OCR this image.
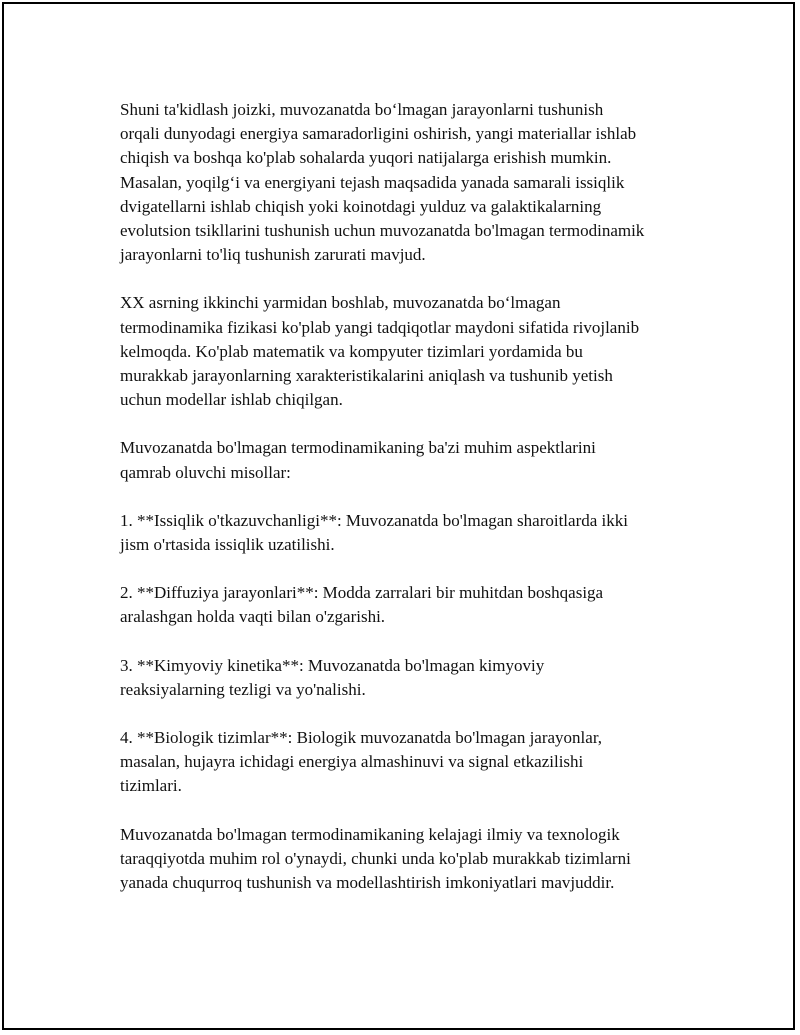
Shuni ta'kidlash joizki, muvozanatda bo‘lmagan jarayonlarni tushunish
orqali dunyodagi energiya samaradorligini oshirish, yangi materiallar ishlab
chiqish va boshqa ko'plab sohalarda yuqori natijalarga erishish mumkin.
Masalan, yoqilg‘i va energiyani tejash maqsadida yanada samarali issiqlik
dvigatellarni ishlab chiqish yoki koinotdagi yulduz va galaktikalarning
evolutsion tsikllarini tushunish uchun muvozanatda bo'lmagan termodinamik
jarayonlarni to'liq tushunish zarurati mavjud.

XX asrning ikkinchi yarmidan boshlab, muvozanatda bo‘lmagan
termodinamika fizikasi ko'plab yangi tadqiqotlar maydoni sifatida rivojlanib
kelmoqda. Ko'plab matematik va kompyuter tizimlari yordamida bu
murakkab jarayonlarning xarakteristikalarini aniqlash va tushunib yetish
uchun modellar ishlab chiqilgan.

Muvozanatda bo'lmagan termodinamikaning ba'zi muhim aspektlarini
qamrab oluvchi misollar:

1. **Issiqlik o'tkazuvchanligi**: Muvozanatda bo'lmagan sharoitlarda ikki
jism o'rtasida issiqlik uzatilishi.

2. **Diffuziya jarayonlari**: Modda zarralari bir muhitdan boshqasiga
aralashgan holda vaqti bilan o'zgarishi.

3. **Kimyoviy kinetika**: Muvozanatda bo'lmagan kimyoviy
reaksiyalarning tezligi va yo'nalishi.

4. **Biologik tizimlar**: Biologik muvozanatda bo'lmagan jarayonlar,
masalan, hujayra ichidagi energiya almashinuvi va signal etkazilishi
tizimlari.

Muvozanatda bo'lmagan termodinamikaning kelajagi ilmiy va texnologik
taraqqiyotda muhim rol o'ynaydi, chunki unda ko'plab murakkab tizimlarni
yanada chuqurroq tushunish va modellashtirish imkoniyatlari mavjuddir.
